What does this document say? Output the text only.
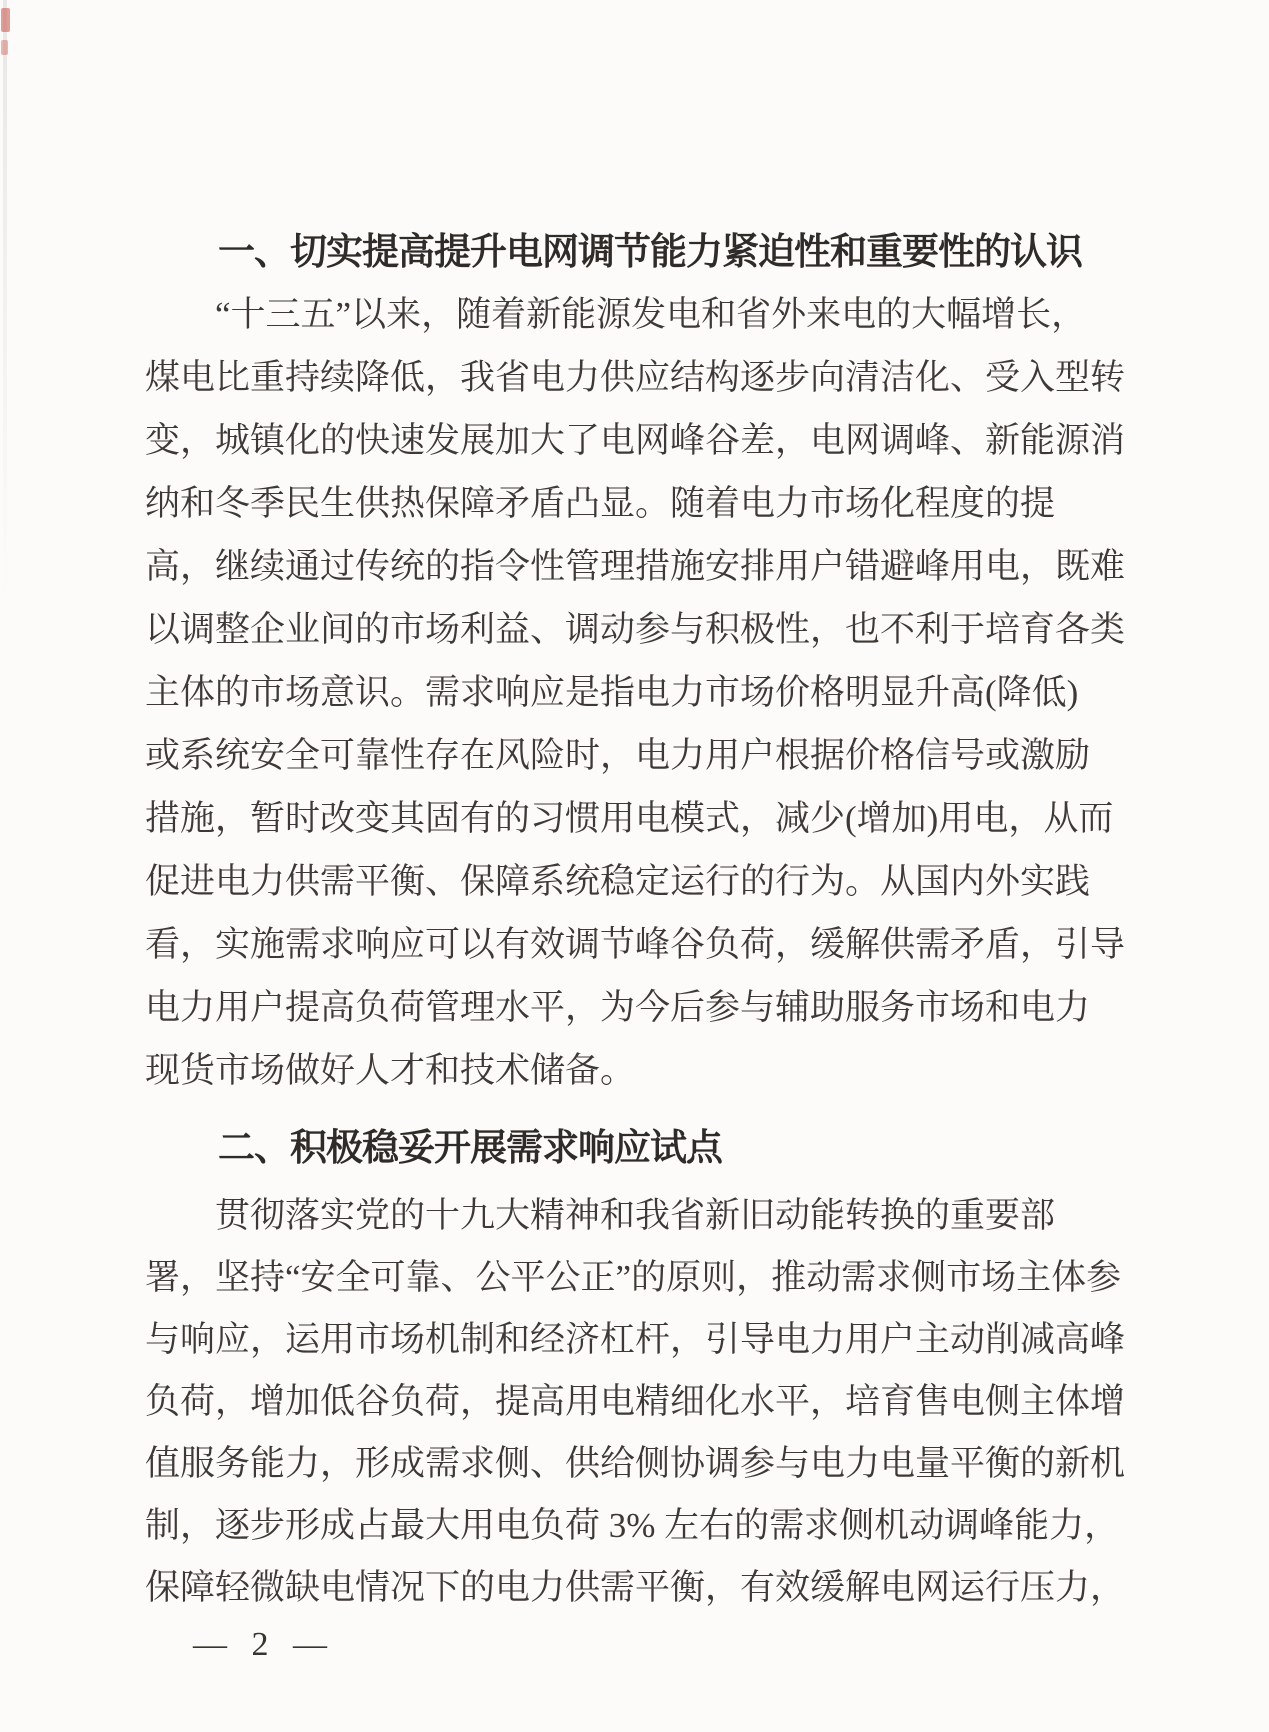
一、切实提高提升电网调节能力紧迫性和重要性的认识
“十三五”以来，随着新能源发电和省外来电的大幅增长，
煤电比重持续降低，我省电力供应结构逐步向清洁化、受入型转
变，城镇化的快速发展加大了电网峰谷差，电网调峰、新能源消
纳和冬季民生供热保障矛盾凸显。随着电力市场化程度的提
高，继续通过传统的指令性管理措施安排用户错避峰用电，既难
以调整企业间的市场利益、调动参与积极性，也不利于培育各类
主体的市场意识。需求响应是指电力市场价格明显升高(降低)
或系统安全可靠性存在风险时，电力用户根据价格信号或激励
措施，暂时改变其固有的习惯用电模式，减少(增加)用电，从而
促进电力供需平衡、保障系统稳定运行的行为。从国内外实践
看，实施需求响应可以有效调节峰谷负荷，缓解供需矛盾，引导
电力用户提高负荷管理水平，为今后参与辅助服务市场和电力
现货市场做好人才和技术储备。
二、积极稳妥开展需求响应试点
贯彻落实党的十九大精神和我省新旧动能转换的重要部
署，坚持“安全可靠、公平公正”的原则，推动需求侧市场主体参
与响应，运用市场机制和经济杠杆，引导电力用户主动削减高峰
负荷，增加低谷负荷，提高用电精细化水平，培育售电侧主体增
值服务能力，形成需求侧、供给侧协调参与电力电量平衡的新机
制，逐步形成占最大用电负荷 3% 左右的需求侧机动调峰能力，
保障轻微缺电情况下的电力供需平衡，有效缓解电网运行压力，
— 2 —
